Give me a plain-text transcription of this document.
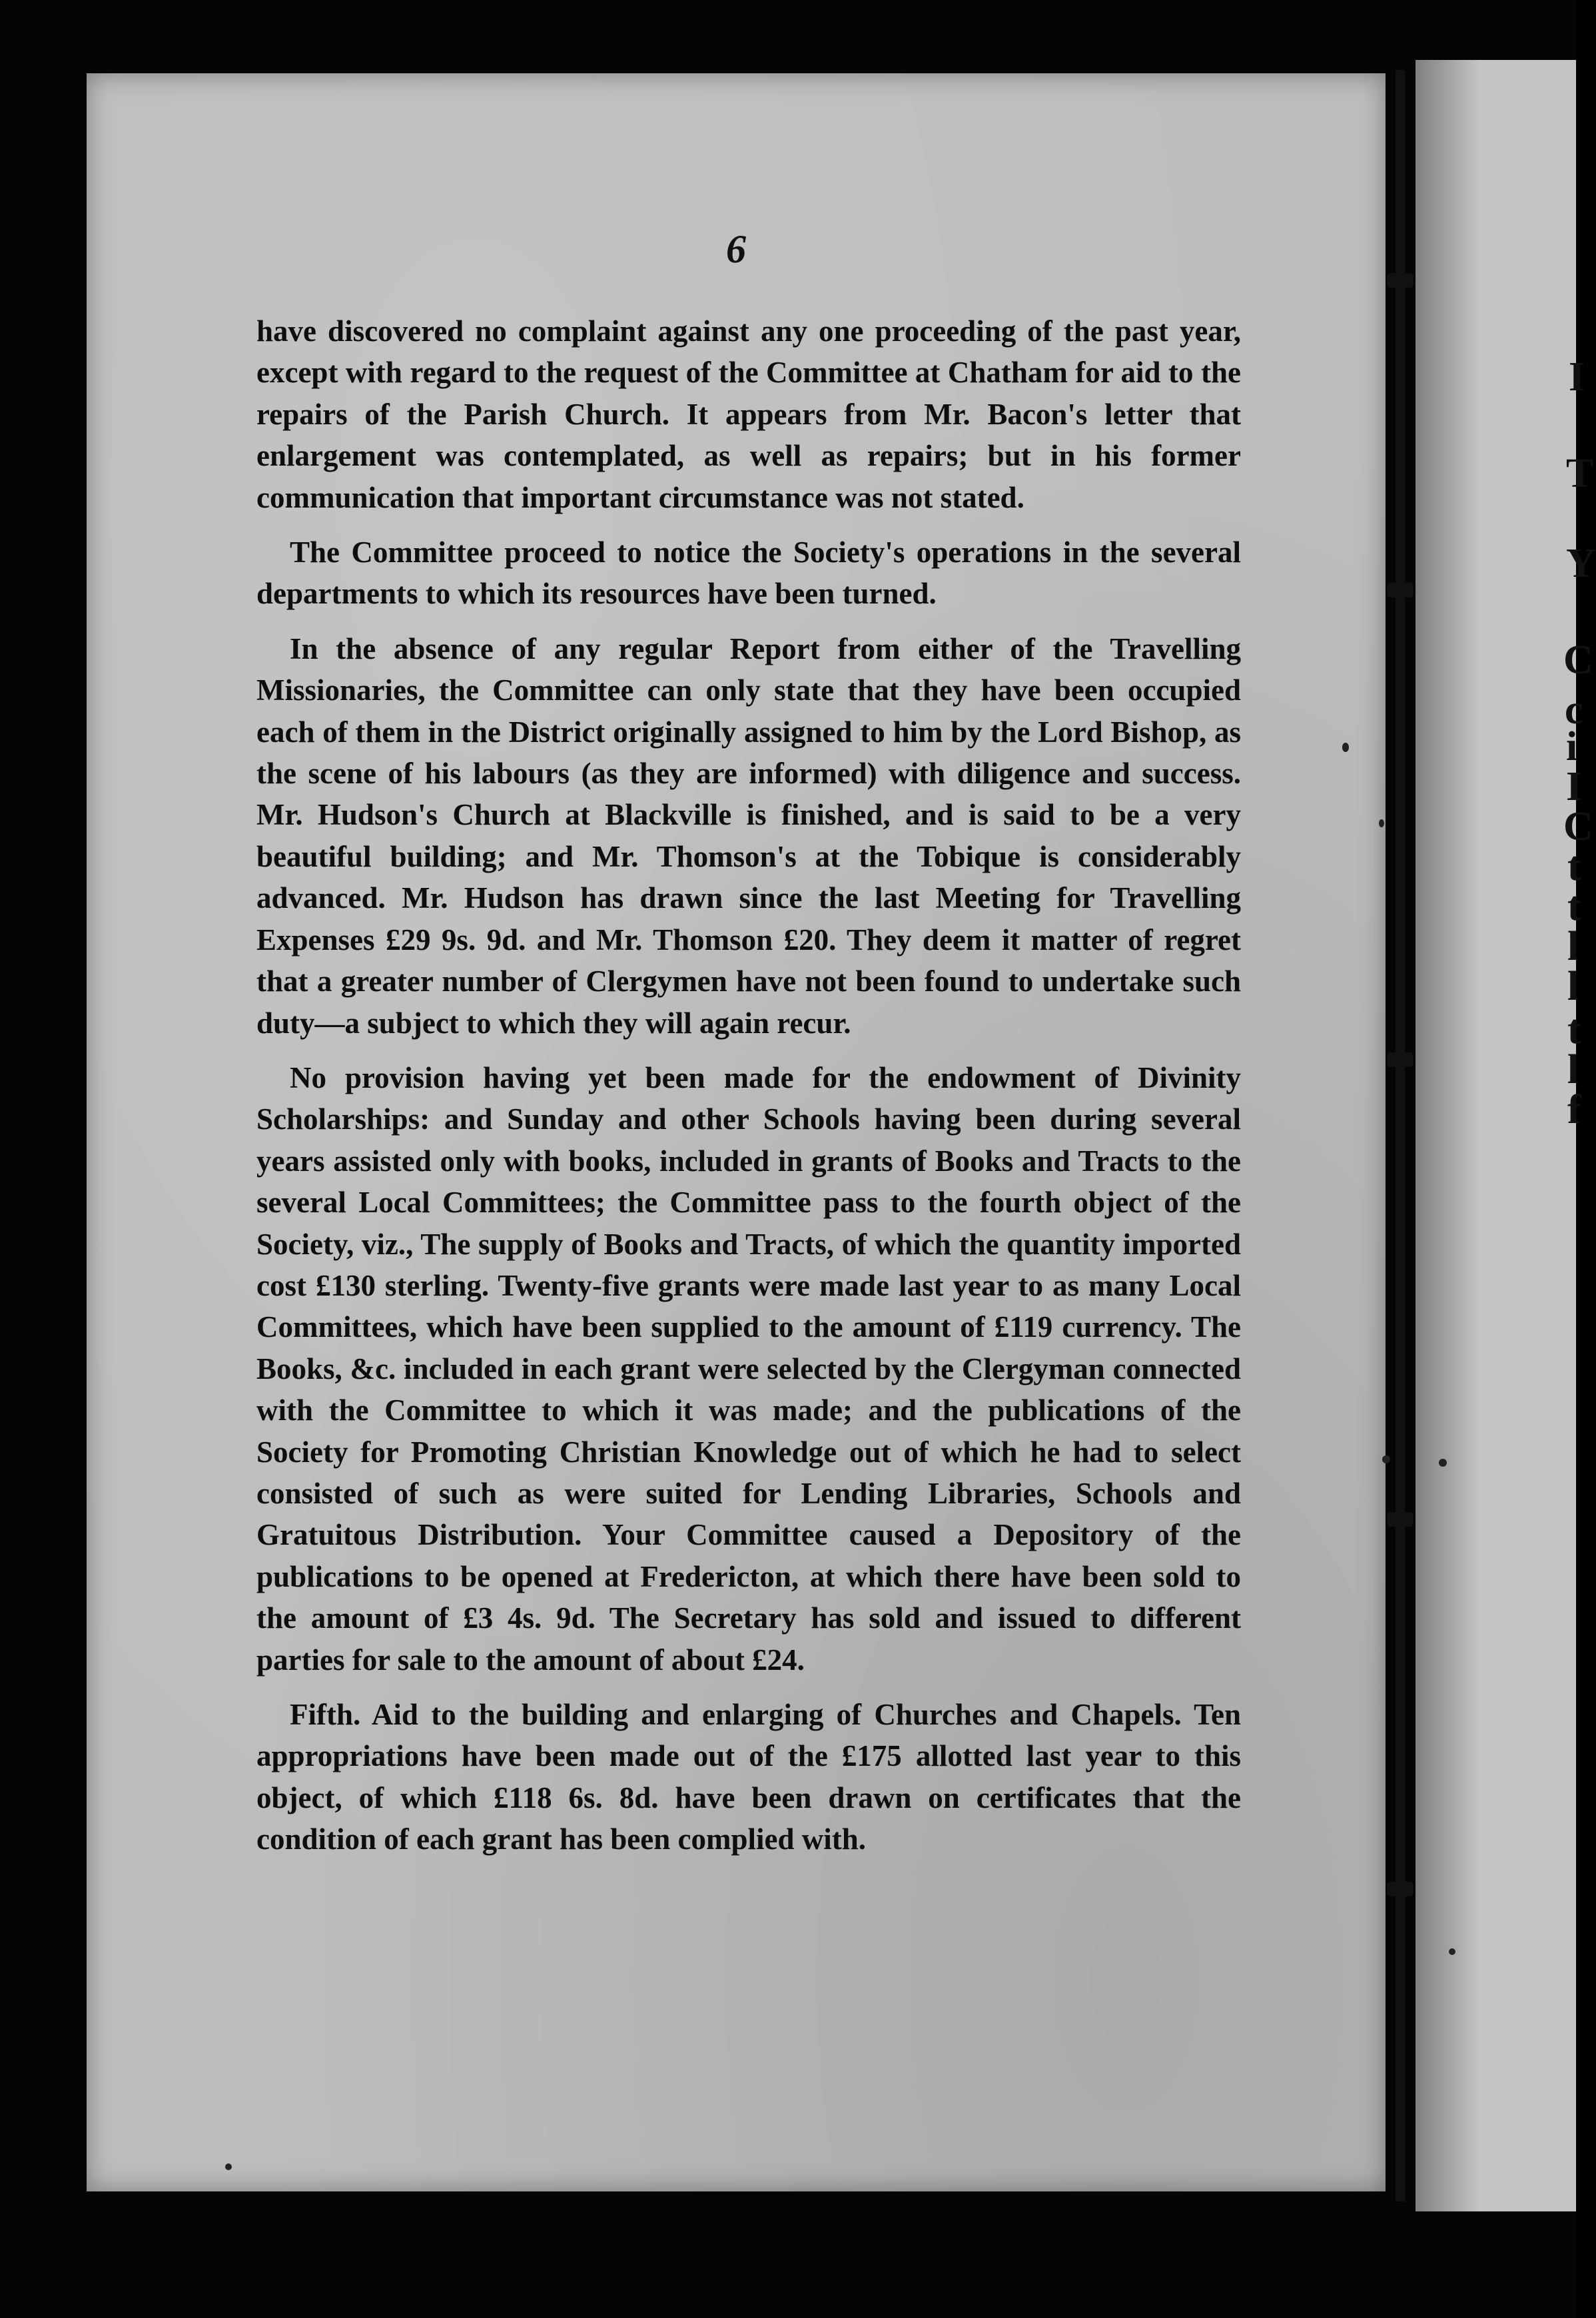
I
T
Y
C
c
i
I
C
t
t
l
l
t
l
f
6

have discovered no complaint against any one proceeding of the past year, except with regard to the request of the Committee at Chatham for aid to the repairs of the Parish Church. It appears from Mr. Bacon's letter that enlargement was contemplated, as well as repairs; but in his former communication that important circumstance was not stated.

The Committee proceed to notice the Society's operations in the several departments to which its resources have been turned.

In the absence of any regular Report from either of the Travelling Missionaries, the Committee can only state that they have been occupied each of them in the District originally assigned to him by the Lord Bishop, as the scene of his labours (as they are informed) with diligence and success. Mr. Hudson's Church at Blackville is finished, and is said to be a very beautiful building; and Mr. Thomson's at the Tobique is considerably advanced. Mr. Hudson has drawn since the last Meeting for Travelling Expenses £29 9s. 9d. and Mr. Thomson £20. They deem it matter of regret that a greater number of Clergymen have not been found to undertake such duty—a subject to which they will again recur.

No provision having yet been made for the endowment of Divinity Scholarships: and Sunday and other Schools having been during several years assisted only with books, included in grants of Books and Tracts to the several Local Committees; the Committee pass to the fourth object of the Society, viz., The supply of Books and Tracts, of which the quantity imported cost £130 sterling. Twenty-five grants were made last year to as many Local Committees, which have been supplied to the amount of £119 currency. The Books, &c. included in each grant were selected by the Clergyman connected with the Committee to which it was made; and the publications of the Society for Promoting Christian Knowledge out of which he had to select consisted of such as were suited for Lending Libraries, Schools and Gratuitous Distribution. Your Committee caused a Depository of the publications to be opened at Fredericton, at which there have been sold to the amount of £3 4s. 9d. The Secretary has sold and issued to different parties for sale to the amount of about £24.

Fifth. Aid to the building and enlarging of Churches and Chapels. Ten appropriations have been made out of the £175 allotted last year to this object, of which £118 6s. 8d. have been drawn on certificates that the condition of each grant has been complied with.
